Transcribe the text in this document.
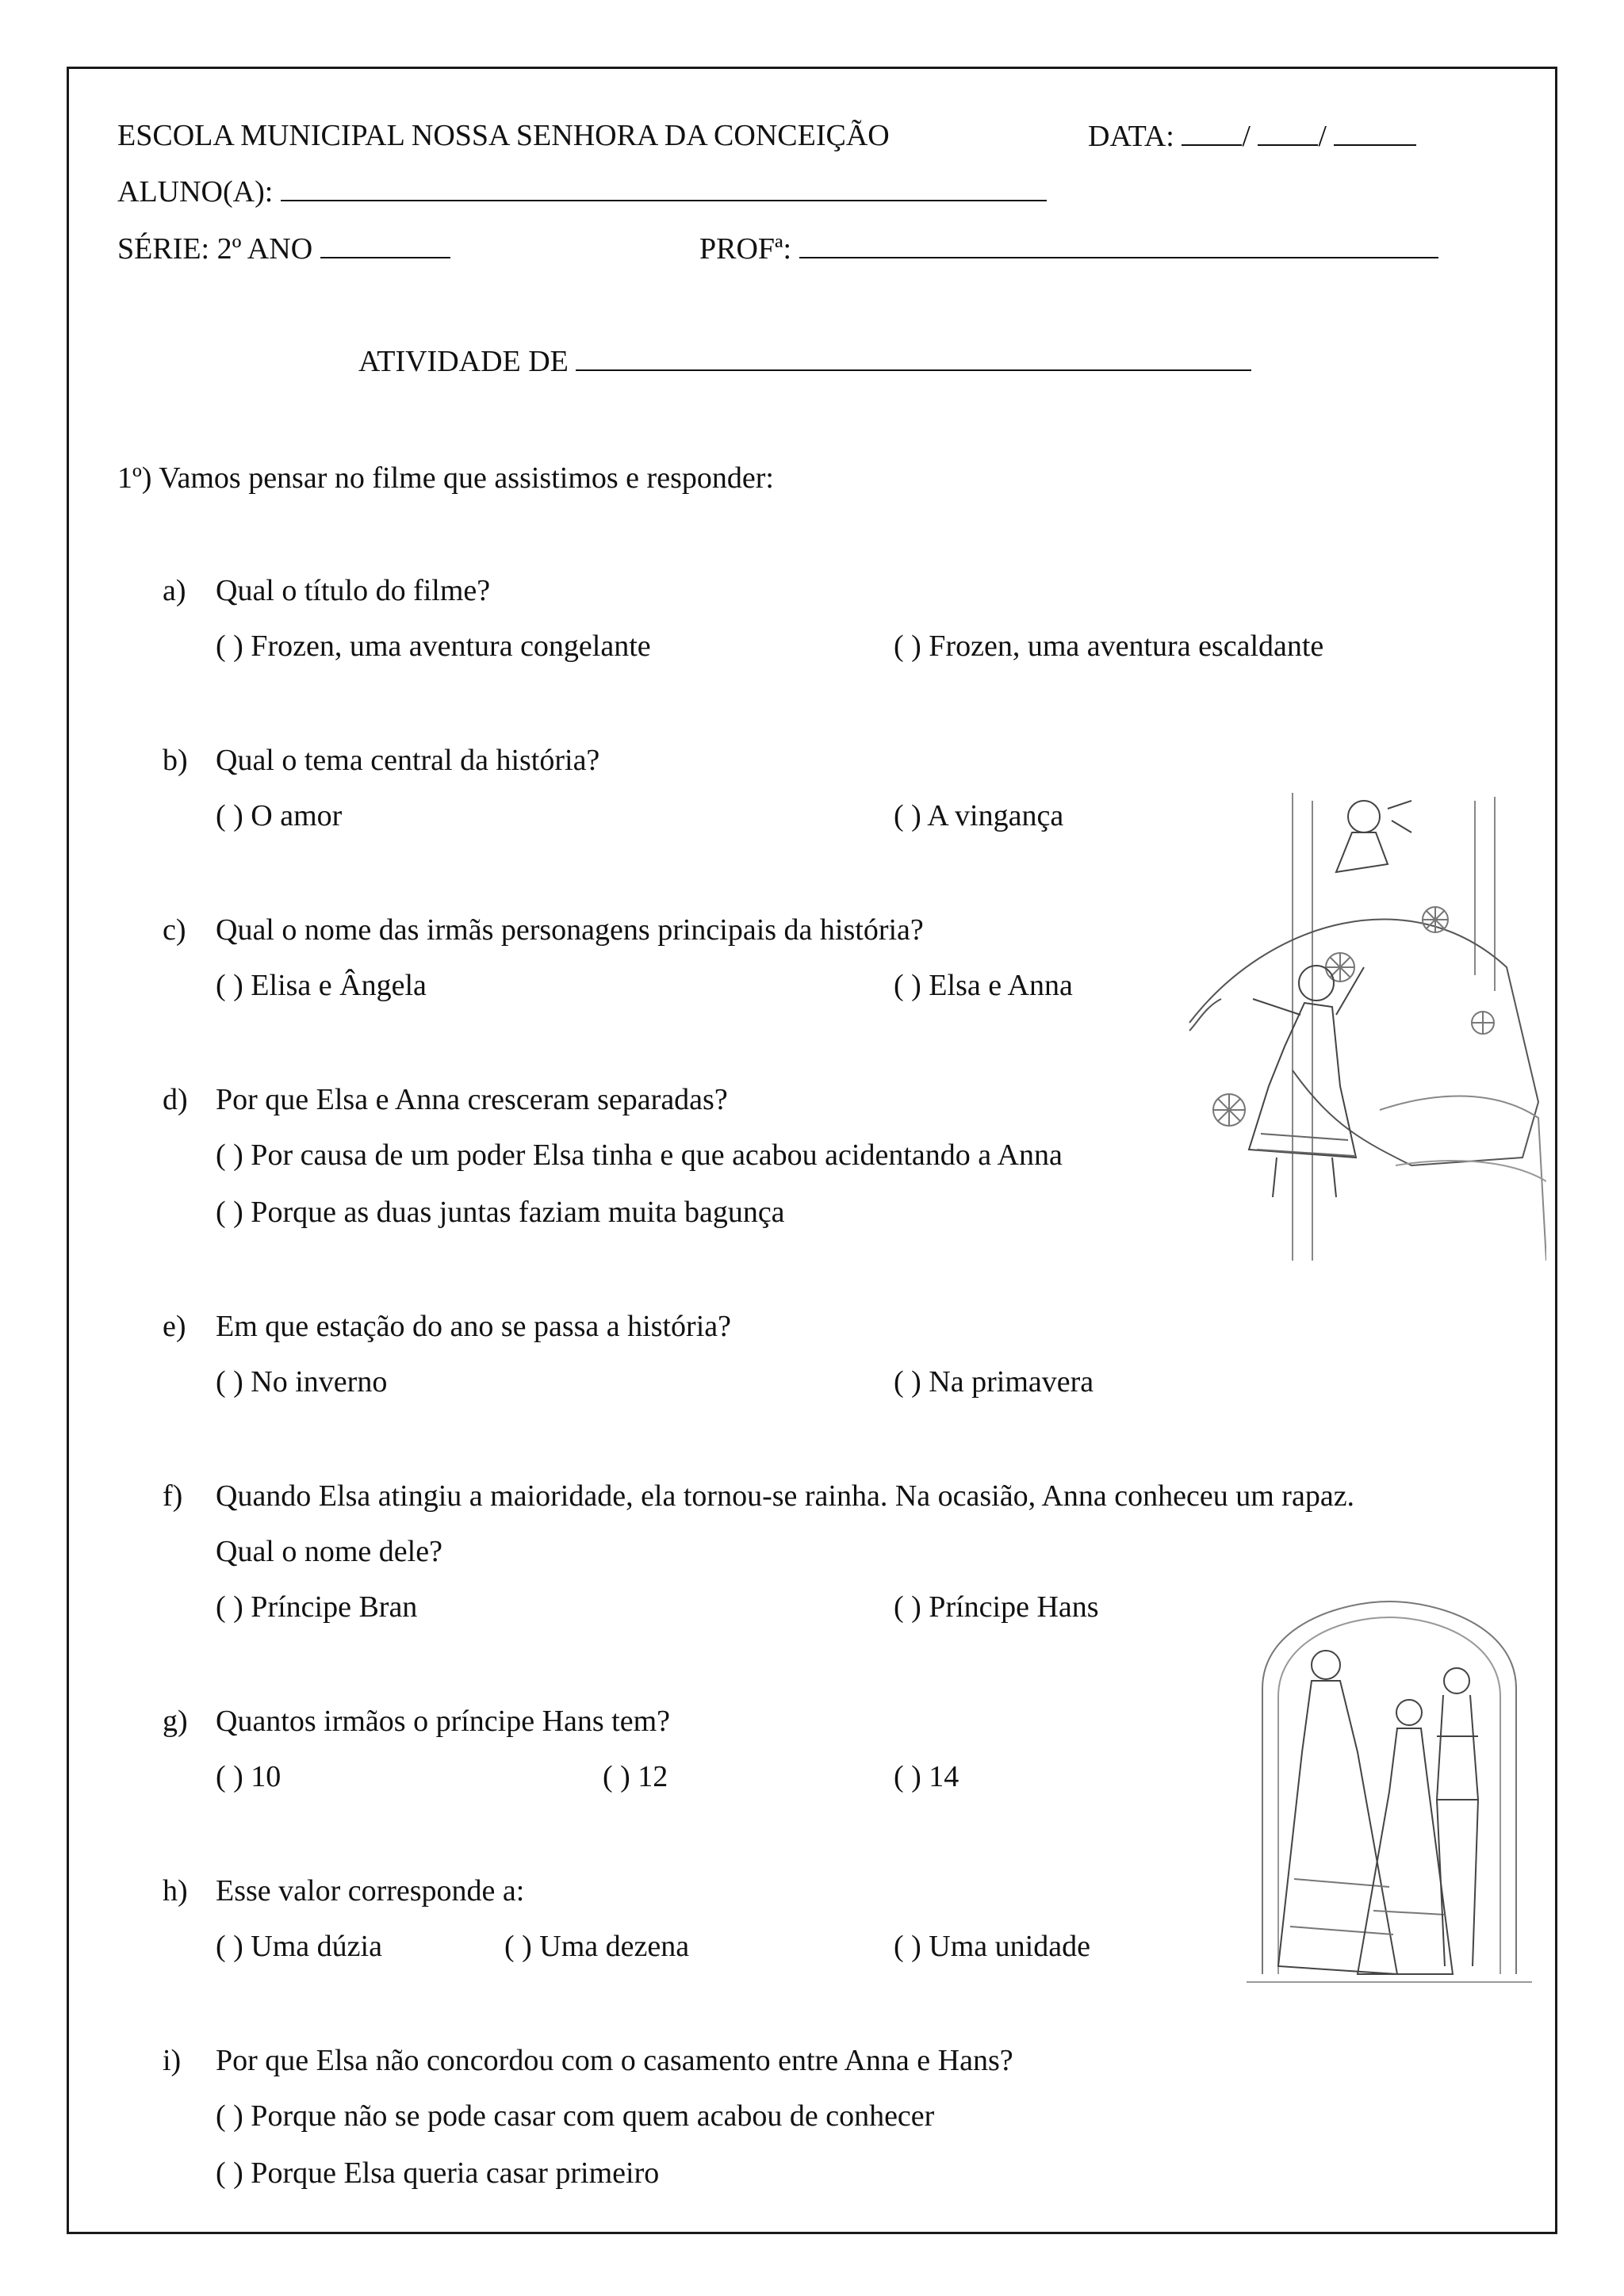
ESCOLA MUNICIPAL NOSSA SENHORA DA CONCEIÇÃO	DATA: / /
ALUNO(A):
SÉRIE: 2º ANO	PROFª:
ATIVIDADE DE
1º) Vamos pensar no filme que assistimos e responder:
a) Qual o título do filme?
( ) Frozen, uma aventura congelante	( ) Frozen, uma aventura escaldante
b) Qual o tema central da história?
( ) O amor	( ) A vingança
c) Qual o nome das irmãs personagens principais da história?
( ) Elisa e Ângela	( ) Elsa e Anna
d) Por que Elsa e Anna cresceram separadas?
( ) Por causa de um poder Elsa tinha e que acabou acidentando a Anna
( ) Porque as duas juntas faziam muita bagunça
e) Em que estação do ano se passa a história?
( ) No inverno	( ) Na primavera
f) Quando Elsa atingiu a maioridade, ela tornou-se rainha. Na ocasião, Anna conheceu um rapaz.
Qual o nome dele?
( ) Príncipe Bran	( ) Príncipe Hans
g) Quantos irmãos o príncipe Hans tem?
( ) 10	( ) 12	( ) 14
h) Esse valor corresponde a:
( ) Uma dúzia	( ) Uma dezena	( ) Uma unidade
i) Por que Elsa não concordou com o casamento entre Anna e Hans?
( ) Porque não se pode casar com quem acabou de conhecer
( ) Porque Elsa queria casar primeiro
